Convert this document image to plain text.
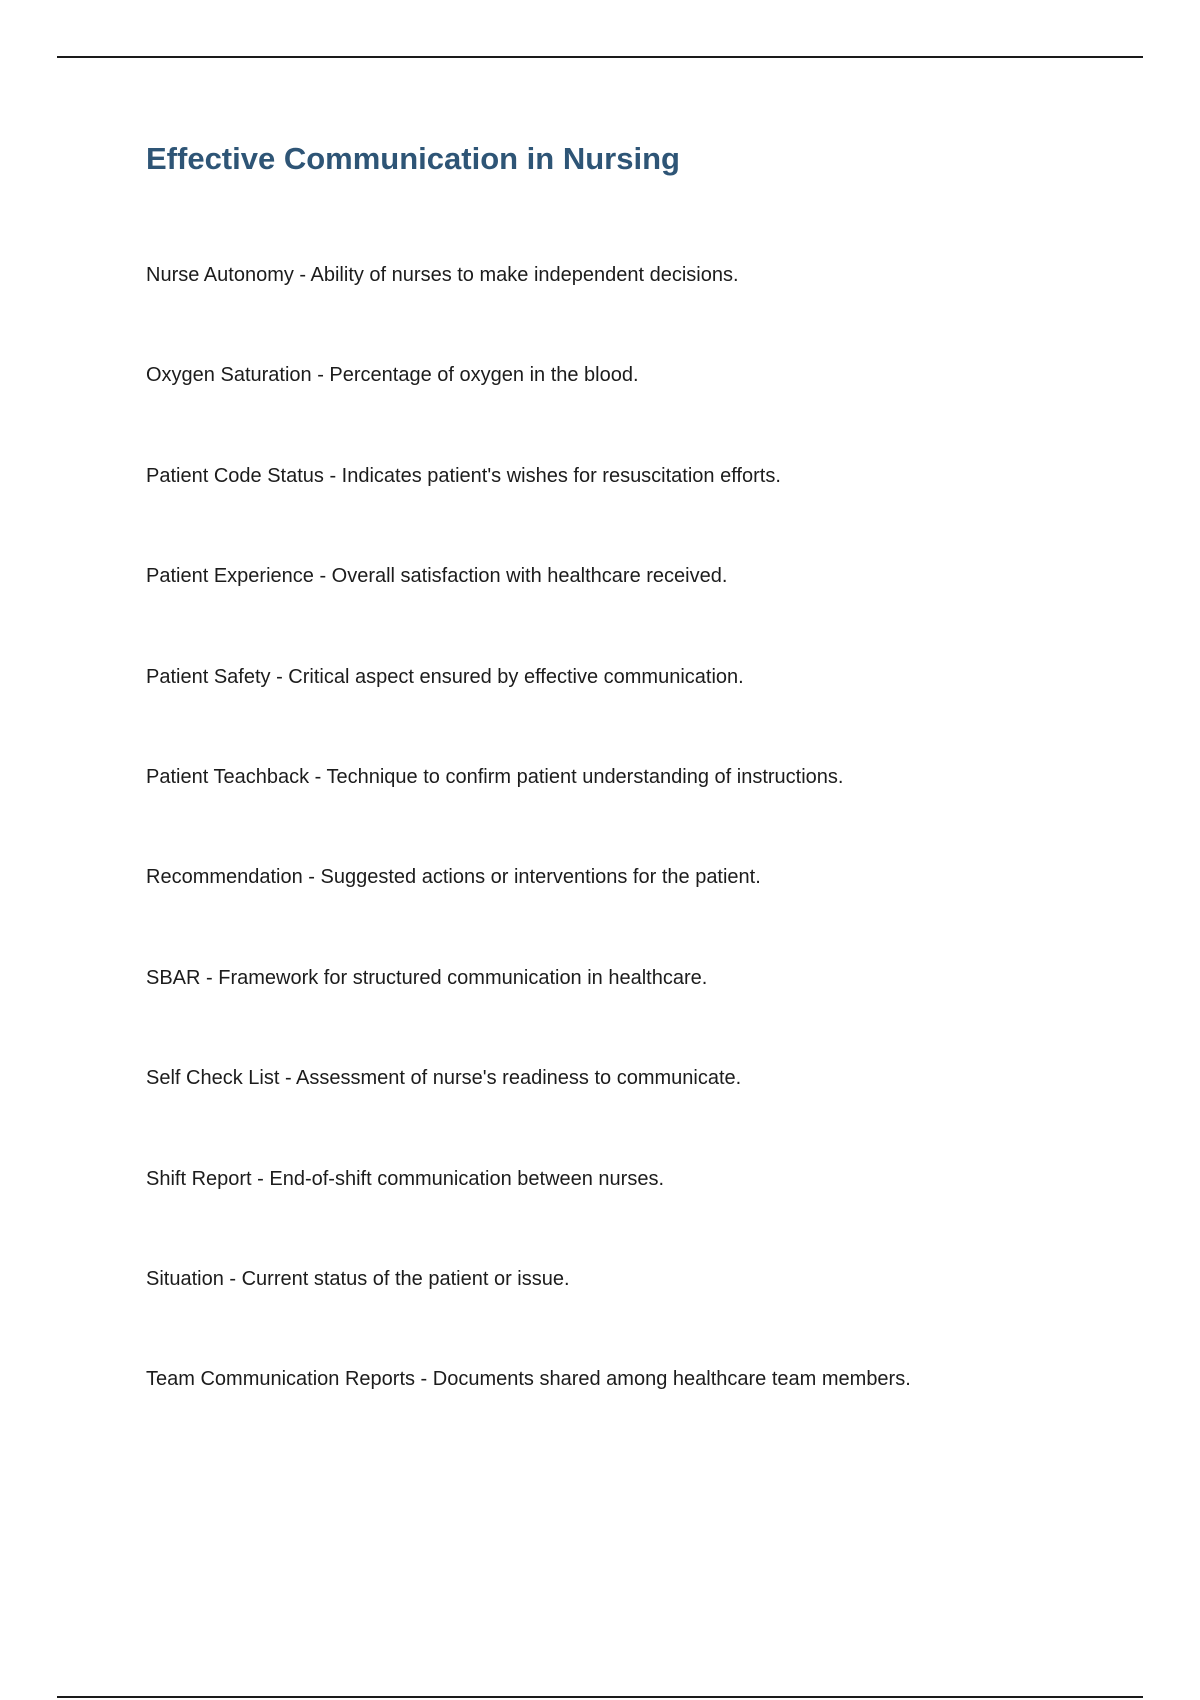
Effective Communication in Nursing
Nurse Autonomy - Ability of nurses to make independent decisions.
Oxygen Saturation - Percentage of oxygen in the blood.
Patient Code Status - Indicates patient's wishes for resuscitation efforts.
Patient Experience - Overall satisfaction with healthcare received.
Patient Safety - Critical aspect ensured by effective communication.
Patient Teachback - Technique to confirm patient understanding of instructions.
Recommendation - Suggested actions or interventions for the patient.
SBAR - Framework for structured communication in healthcare.
Self Check List - Assessment of nurse's readiness to communicate.
Shift Report - End-of-shift communication between nurses.
Situation - Current status of the patient or issue.
Team Communication Reports - Documents shared among healthcare team members.
